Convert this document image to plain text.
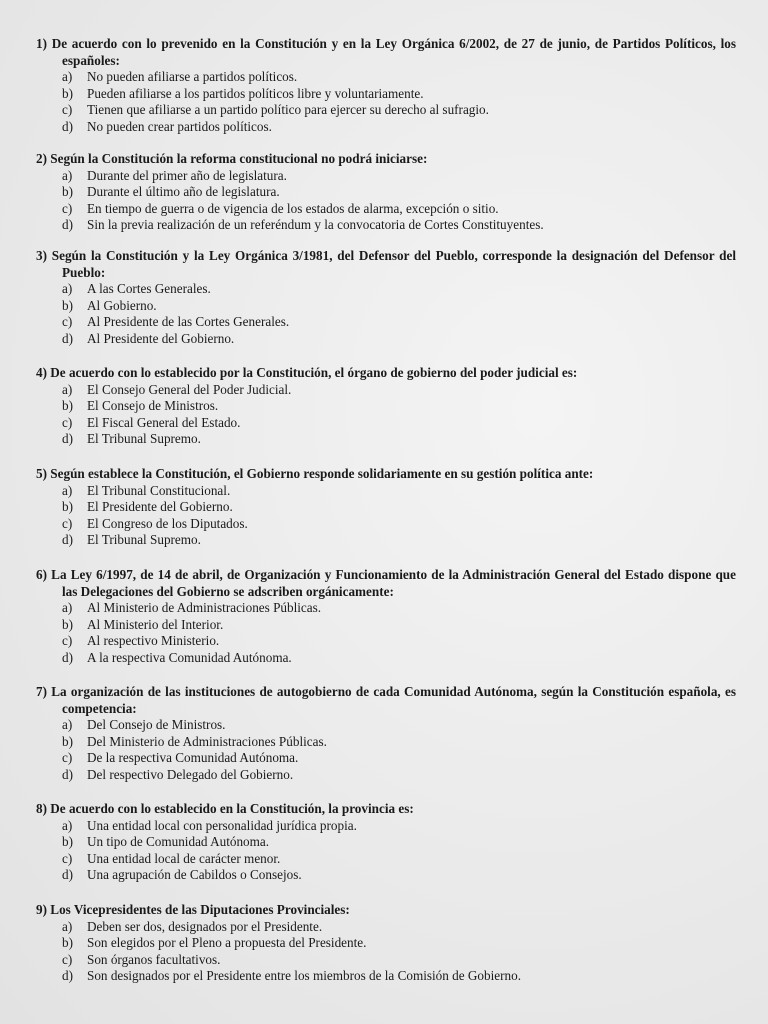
1) De acuerdo con lo prevenido en la Constitución y en la Ley Orgánica 6/2002, de 27 de junio, de Partidos Políticos, los españoles:

a)	No pueden afiliarse a partidos políticos.
b)	Pueden afiliarse a los partidos políticos libre y voluntariamente.
c)	Tienen que afiliarse a un partido político para ejercer su derecho al sufragio.
d)	No pueden crear partidos políticos.

2) Según la Constitución la reforma constitucional no podrá iniciarse:

a)	Durante del primer año de legislatura.
b)	Durante el último año de legislatura.
c)	En tiempo de guerra o de vigencia de los estados de alarma, excepción o sitio.
d)	Sin la previa realización de un referéndum y la convocatoria de Cortes Constituyentes.

3) Según la Constitución y la Ley Orgánica 3/1981, del Defensor del Pueblo, corresponde la designación del Defensor del Pueblo:

a)	A las Cortes Generales.
b)	Al Gobierno.
c)	Al Presidente de las Cortes Generales.
d)	Al Presidente del Gobierno.

4) De acuerdo con lo establecido por la Constitución, el órgano de gobierno del poder judicial es:

a)	El Consejo General del Poder Judicial.
b)	El Consejo de Ministros.
c)	El Fiscal General del Estado.
d)	El Tribunal Supremo.

5) Según establece la Constitución, el Gobierno responde solidariamente en su gestión política ante:

a)	El Tribunal Constitucional.
b)	El Presidente del Gobierno.
c)	El Congreso de los Diputados.
d)	El Tribunal Supremo.

6) La Ley 6/1997, de 14 de abril, de Organización y Funcionamiento de la Administración General del Estado dispone que las Delegaciones del Gobierno se adscriben orgánicamente:

a)	Al Ministerio de Administraciones Públicas.
b)	Al Ministerio del Interior.
c)	Al respectivo Ministerio.
d)	A la respectiva Comunidad Autónoma.

7) La organización de las instituciones de autogobierno de cada Comunidad Autónoma, según la Constitución española, es competencia:

a)	Del Consejo de Ministros.
b)	Del Ministerio de Administraciones Públicas.
c)	De la respectiva Comunidad Autónoma.
d)	Del respectivo Delegado del Gobierno.

8) De acuerdo con lo establecido en la Constitución, la provincia es:

a)	Una entidad local con personalidad jurídica propia.
b)	Un tipo de Comunidad Autónoma.
c)	Una entidad local de carácter menor.
d)	Una agrupación de Cabildos o Consejos.

9) Los Vicepresidentes de las Diputaciones Provinciales:

a)	Deben ser dos, designados por el Presidente.
b)	Son elegidos por el Pleno a propuesta del Presidente.
c)	Son órganos facultativos.
d)	Son designados por el Presidente entre los miembros de la Comisión de Gobierno.
